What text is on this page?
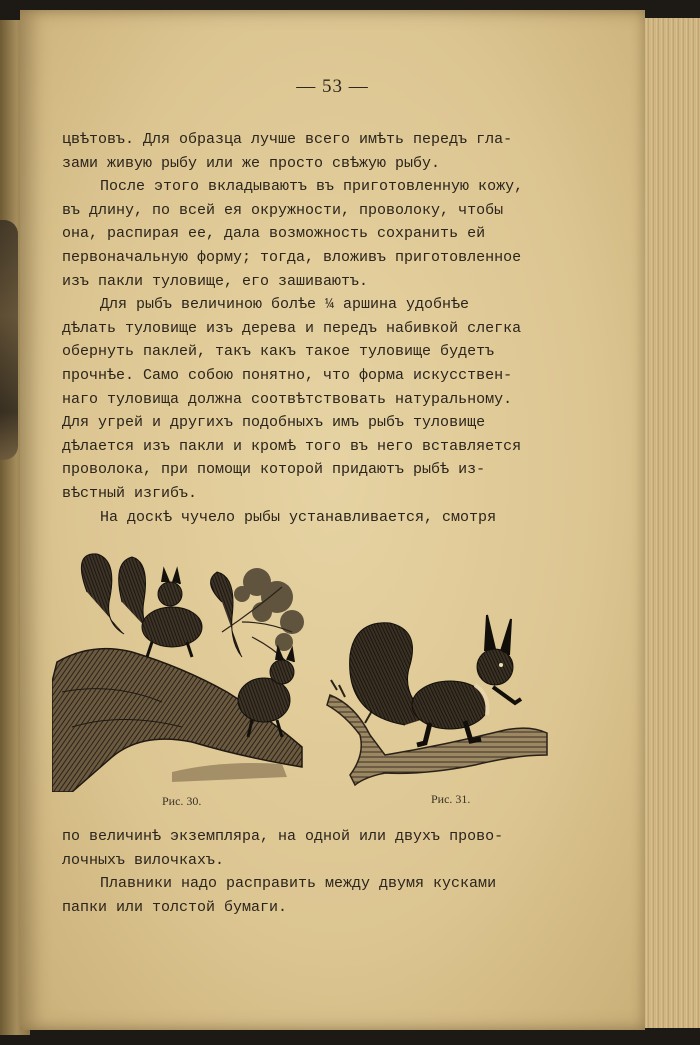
— 53 —

цвѣтовъ. Для образца лучше всего имѣть передъ гла-

зами живую рыбу или же просто свѣжую рыбу.

После этого вкладываютъ въ приготовленную кожу,

въ длину, по всей ея окружности, проволоку, чтобы

она, распирая ее, дала возможность сохранить ей

первоначальную форму; тогда, вложивъ приготовленное

изъ пакли туловище, его зашиваютъ.

Для рыбъ величиною болѣе ¼ аршина удобнѣе

дѣлать туловище изъ дерева и передъ набивкой слегка

обернуть паклей, такъ какъ такое туловище будетъ

прочнѣе. Само собою понятно, что форма искусствен-

наго туловища должна соотвѣтствовать натуральному.

Для угрей и другихъ подобныхъ имъ рыбъ туловище

дѣлается изъ пакли и кромѣ того въ него вставляется

проволока, при помощи которой придаютъ рыбѣ из-

вѣстный изгибъ.

На доскѣ чучело рыбы устанавливается, смотря

Рис. 30.	Рис. 31.

по величинѣ экземпляра, на одной или двухъ прово-

лочныхъ вилочкахъ.

Плавники надо расправить между двумя кусками

папки или толстой бумаги.
